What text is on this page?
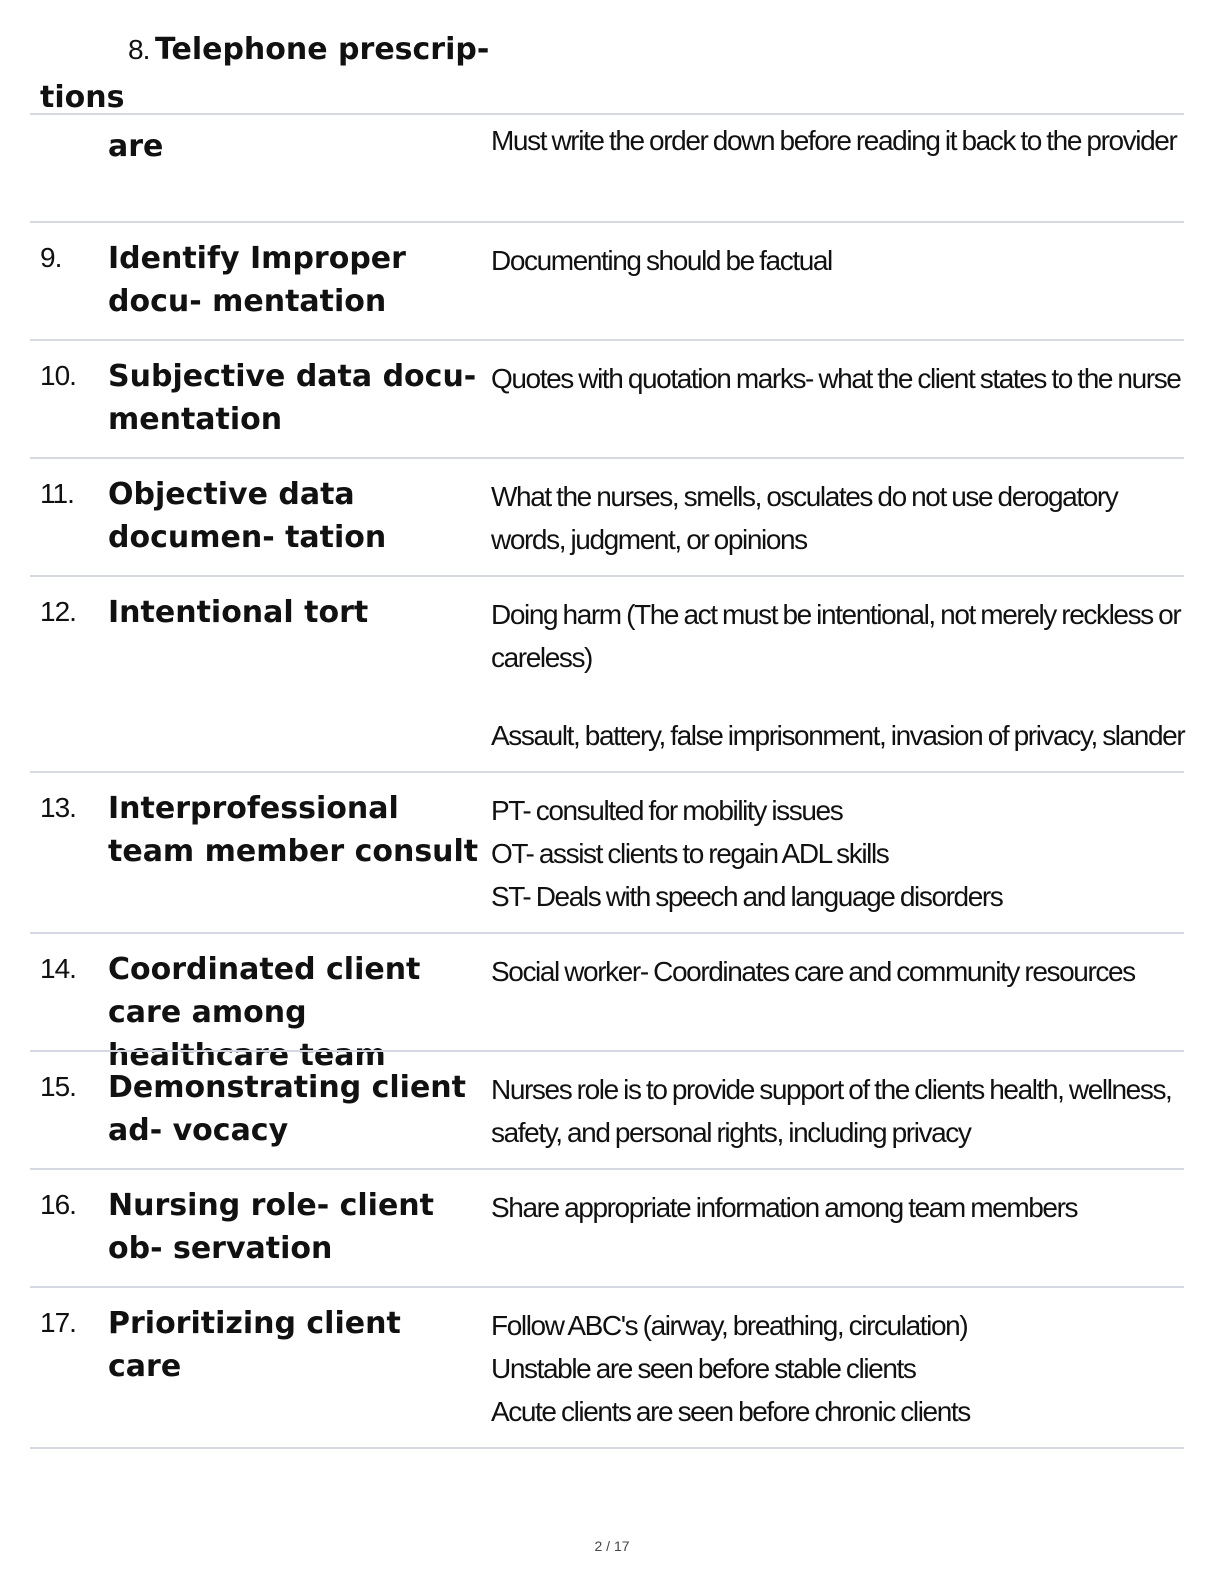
8. Telephone prescrip-
tions
are	Must write the order down before reading it back to the provider

9. Identify Improper docu- mentation

Documenting should be factual

10. Subjective data docu- mentation

Quotes with quotation marks- what the client states to the nurse

11. Objective data documen- tation

What the nurses, smells, osculates do not use derogatory words, judgment, or opinions

12. Intentional tort	Doing harm (The act must be intentional, not merely reckless or careless)

Assault, battery, false imprisonment, invasion of privacy, slander

13. Interprofessional team member consult

PT- consulted for mobility issues

OT- assist clients to regain ADL skills

ST- Deals with speech and language disorders

14. Coordinated client care among healthcare team

Social worker- Coordinates care and community resources

15. Demonstrating client ad- vocacy

Nurses role is to provide support of the clients health, wellness, safety, and personal rights, including privacy

16. Nursing role- client ob- servation

Share appropriate information among team members

17. Prioritizing client care

Follow ABC's (airway, breathing, circulation)

Unstable are seen before stable clients

Acute clients are seen before chronic clients

2 / 17
